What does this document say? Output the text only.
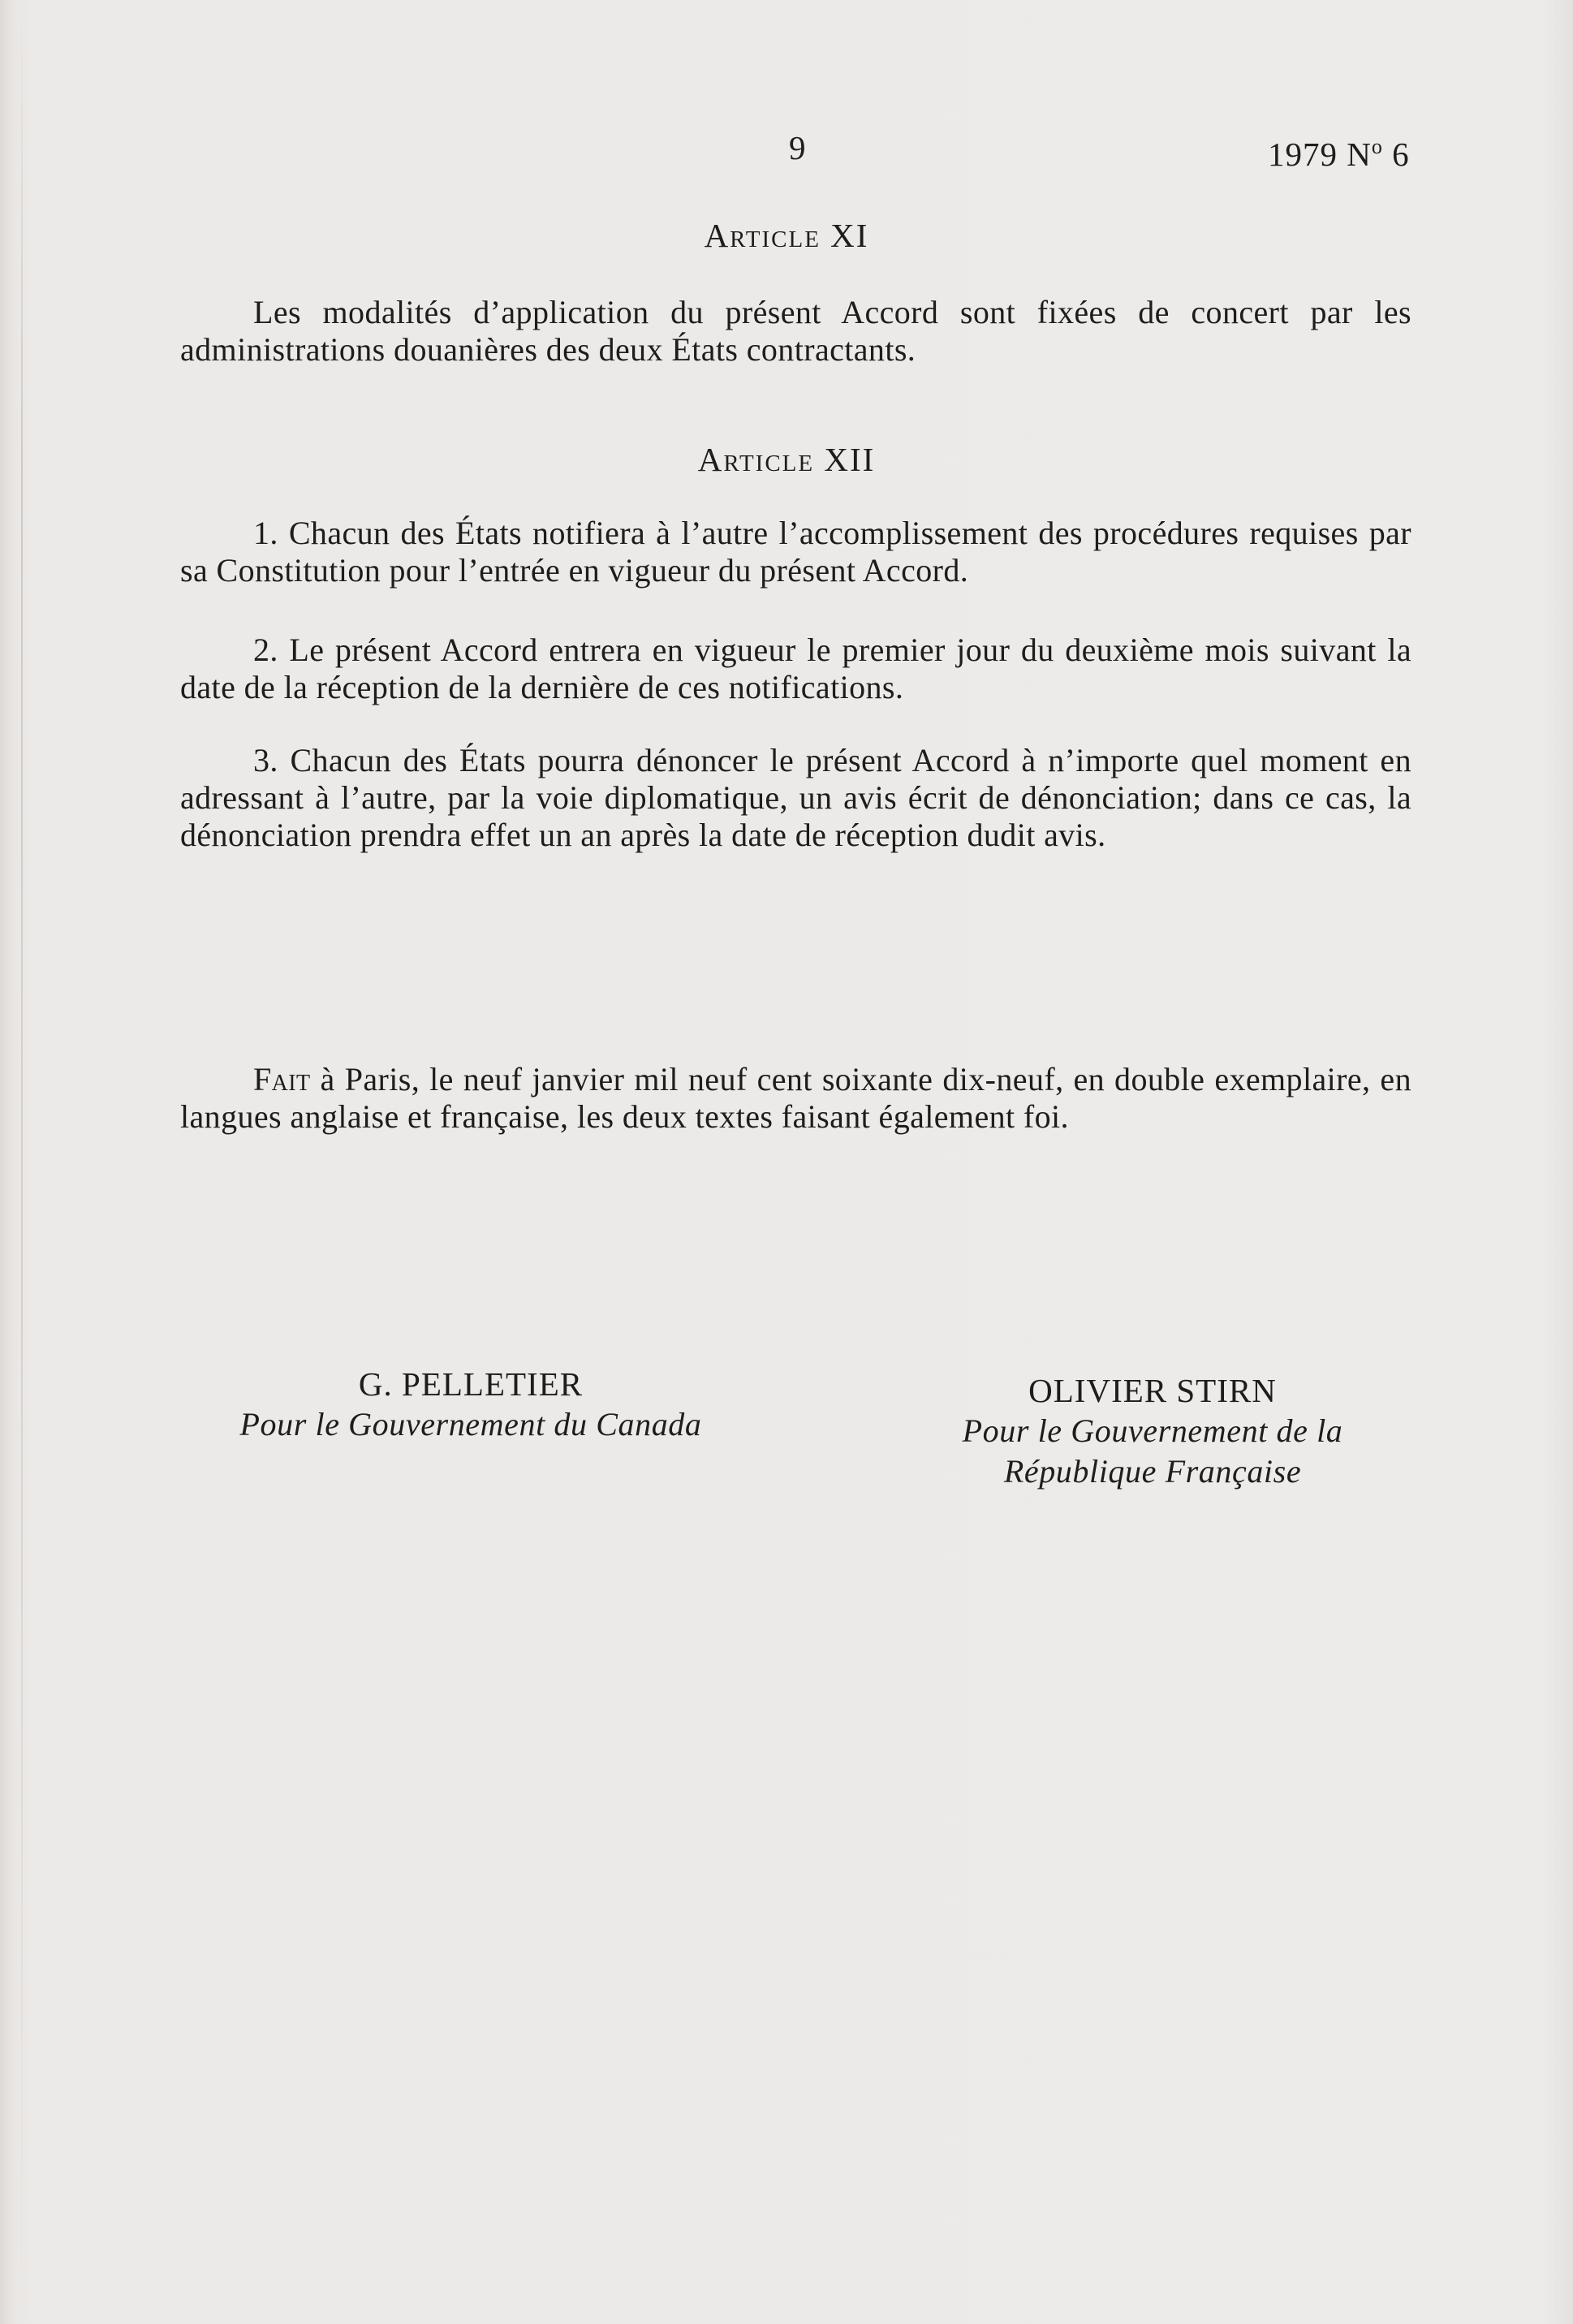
9	1979 $N^o$ 6
Article XI
Les modalités d’application du présent Accord sont fixées de concert par les administrations douanières des deux États contractants.
Article XII
1. Chacun des États notifiera à l’autre l’accomplissement des procédures requises par sa Constitution pour l’entrée en vigueur du présent Accord.
2. Le présent Accord entrera en vigueur le premier jour du deuxième mois suivant la date de la réception de la dernière de ces notifications.
3. Chacun des États pourra dénoncer le présent Accord à n’importe quel moment en adressant à l’autre, par la voie diplomatique, un avis écrit de dénonciation; dans ce cas, la dénonciation prendra effet un an après la date de réception dudit avis.
Fait à Paris, le neuf janvier mil neuf cent soixante dix-neuf, en double exemplaire, en langues anglaise et française, les deux textes faisant également foi.
G. PELLETIER
Pour le Gouvernement du Canada
OLIVIER STIRN
Pour le Gouvernement de la
République Française
